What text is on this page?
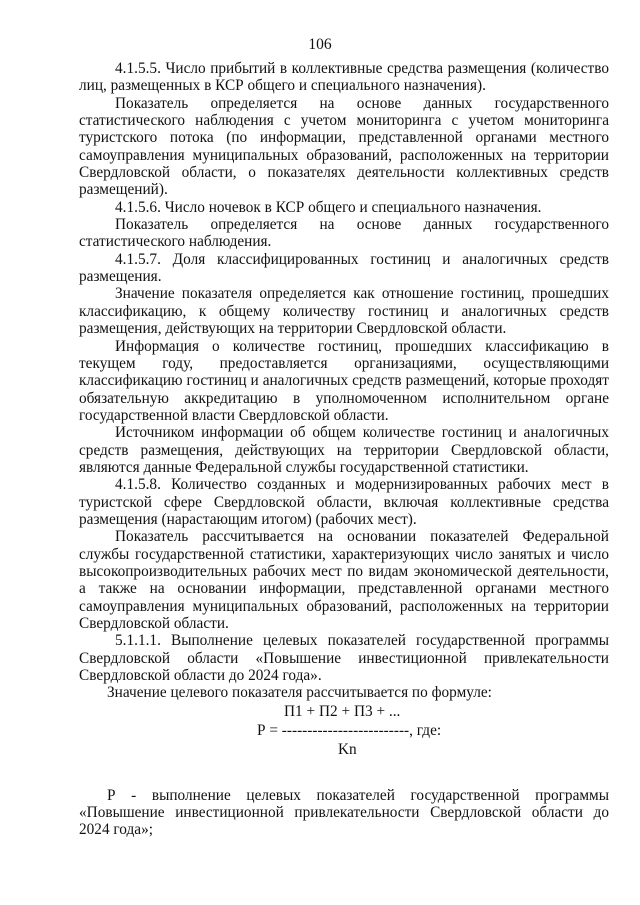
106

4.1.5.5. Число прибытий в коллективные средства размещения (количество лиц, размещенных в КСР общего и специального назначения).

Показатель определяется на основе данных государственного статистического наблюдения с учетом мониторинга с учетом мониторинга туристского потока (по информации, представленной органами местного самоуправления муниципальных образований, расположенных на территории Свердловской области, о показателях деятельности коллективных средств размещений).

4.1.5.6. Число ночевок в КСР общего и специального назначения.

Показатель определяется на основе данных государственного статистического наблюдения.

4.1.5.7. Доля классифицированных гостиниц и аналогичных средств размещения.

Значение показателя определяется как отношение гостиниц, прошедших классификацию, к общему количеству гостиниц и аналогичных средств размещения, действующих на территории Свердловской области.

Информация о количестве гостиниц, прошедших классификацию в текущем году, предоставляется организациями, осуществляющими классификацию гостиниц и аналогичных средств размещений, которые проходят обязательную аккредитацию в уполномоченном исполнительном органе государственной власти Свердловской области.

Источником информации об общем количестве гостиниц и аналогичных средств размещения, действующих на территории Свердловской области, являются данные Федеральной службы государственной статистики.

4.1.5.8. Количество созданных и модернизированных рабочих мест в туристской сфере Свердловской области, включая коллективные средства размещения (нарастающим итогом) (рабочих мест).

Показатель рассчитывается на основании показателей Федеральной службы государственной статистики, характеризующих число занятых и число высокопроизводительных рабочих мест по видам экономической деятельности, а также на основании информации, представленной органами местного самоуправления муниципальных образований, расположенных на территории Свердловской области.

5.1.1.1. Выполнение целевых показателей государственной программы Свердловской области «Повышение инвестиционной привлекательности Свердловской области до 2024 года».

Значение целевого показателя рассчитывается по формуле:

П1 + П2 + П3 + ...
Р = -------------------------, где:
Kn

Р - выполнение целевых показателей государственной программы «Повышение инвестиционной привлекательности Свердловской области до 2024 года»;
